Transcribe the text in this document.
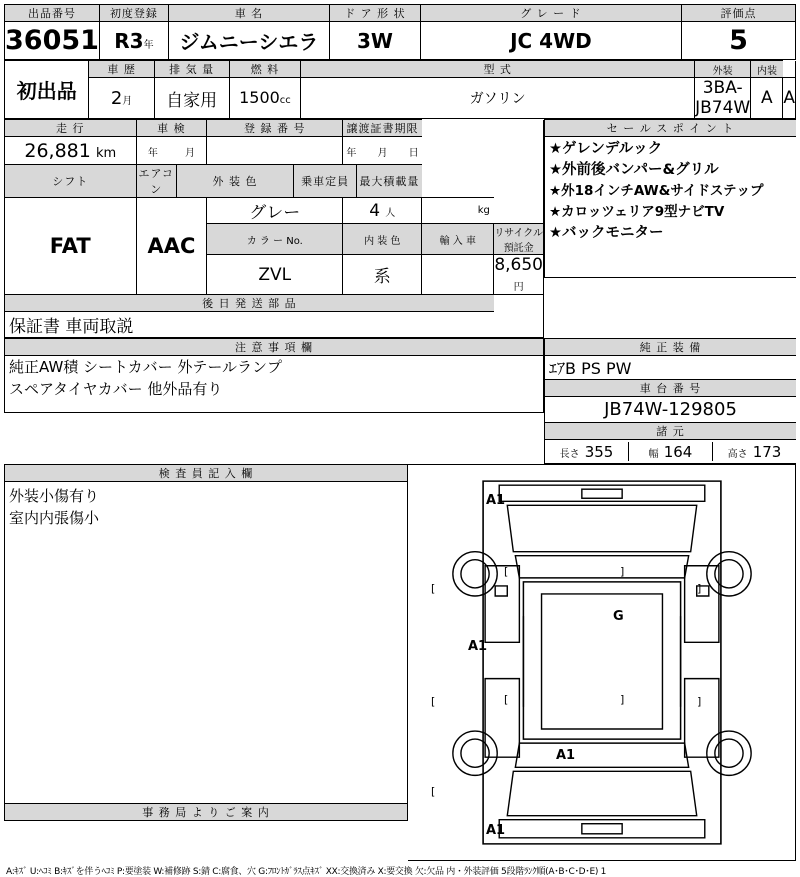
出品番号	初度登録	車 名	ド ア 形 状	グ レ ー ド	評価点
36051	R3年	ジムニーシエラ	3W	JC 4WD	5
初出品	車 歴	排 気 量	燃 料	型 式	外装	内装	
	2月	自家用	1500cc	ガソリン	3BA-JB74W	A	A
走 行	車 検	登 録 番 号	譲渡証書期限
26,881 km	年	月		年 月 日
シフト	
エアコン	外 装 色	乗車定員	最大積載量

FAT	AAC	グレー	4 人	kg

カ ラ ー No.	内 装 色	輸 入 車	リサイクル預託金
ZVL	系		8,650 円
後 日 発 送 部 品
保証書 車両取説

セ ー ル ス ポ イ ン ト

★ゲレンデルック
★外前後バンパー&グリル
★外18インチAW&サイドステップ
★カロッツェリア9型ナビTV
★バックモニター
注 意 事 項 欄

純正AW積 シートカバー 外テールランプ
スペアタイヤカバー 他外品有り

純 正 装 備
ｴｱB PS PW
車 台 番 号
JB74W-129805
諸 元

長さ 355	幅 164	高さ 173
検 査 員 記 入 欄

外装小傷有り
室内内張傷小

事 務 局 よ り ご 案 内

A1
A1
G
A1
A1
[
[
[
]
]
[	]
[	]
A:ｷｽﾞ U:ﾍｺﾐ B:ｷｽﾞを伴うﾍｺﾐ P:要塗装 W:補修跡 S:錆 C:腐食、穴 G:ﾌﾛﾝﾄｶﾞﾗｽ点ｷｽﾞ XX:交換済み X:要交換 欠:欠品 内・外装評価 5段階ﾗﾝｸ順(A･B･C･D･E) 1
